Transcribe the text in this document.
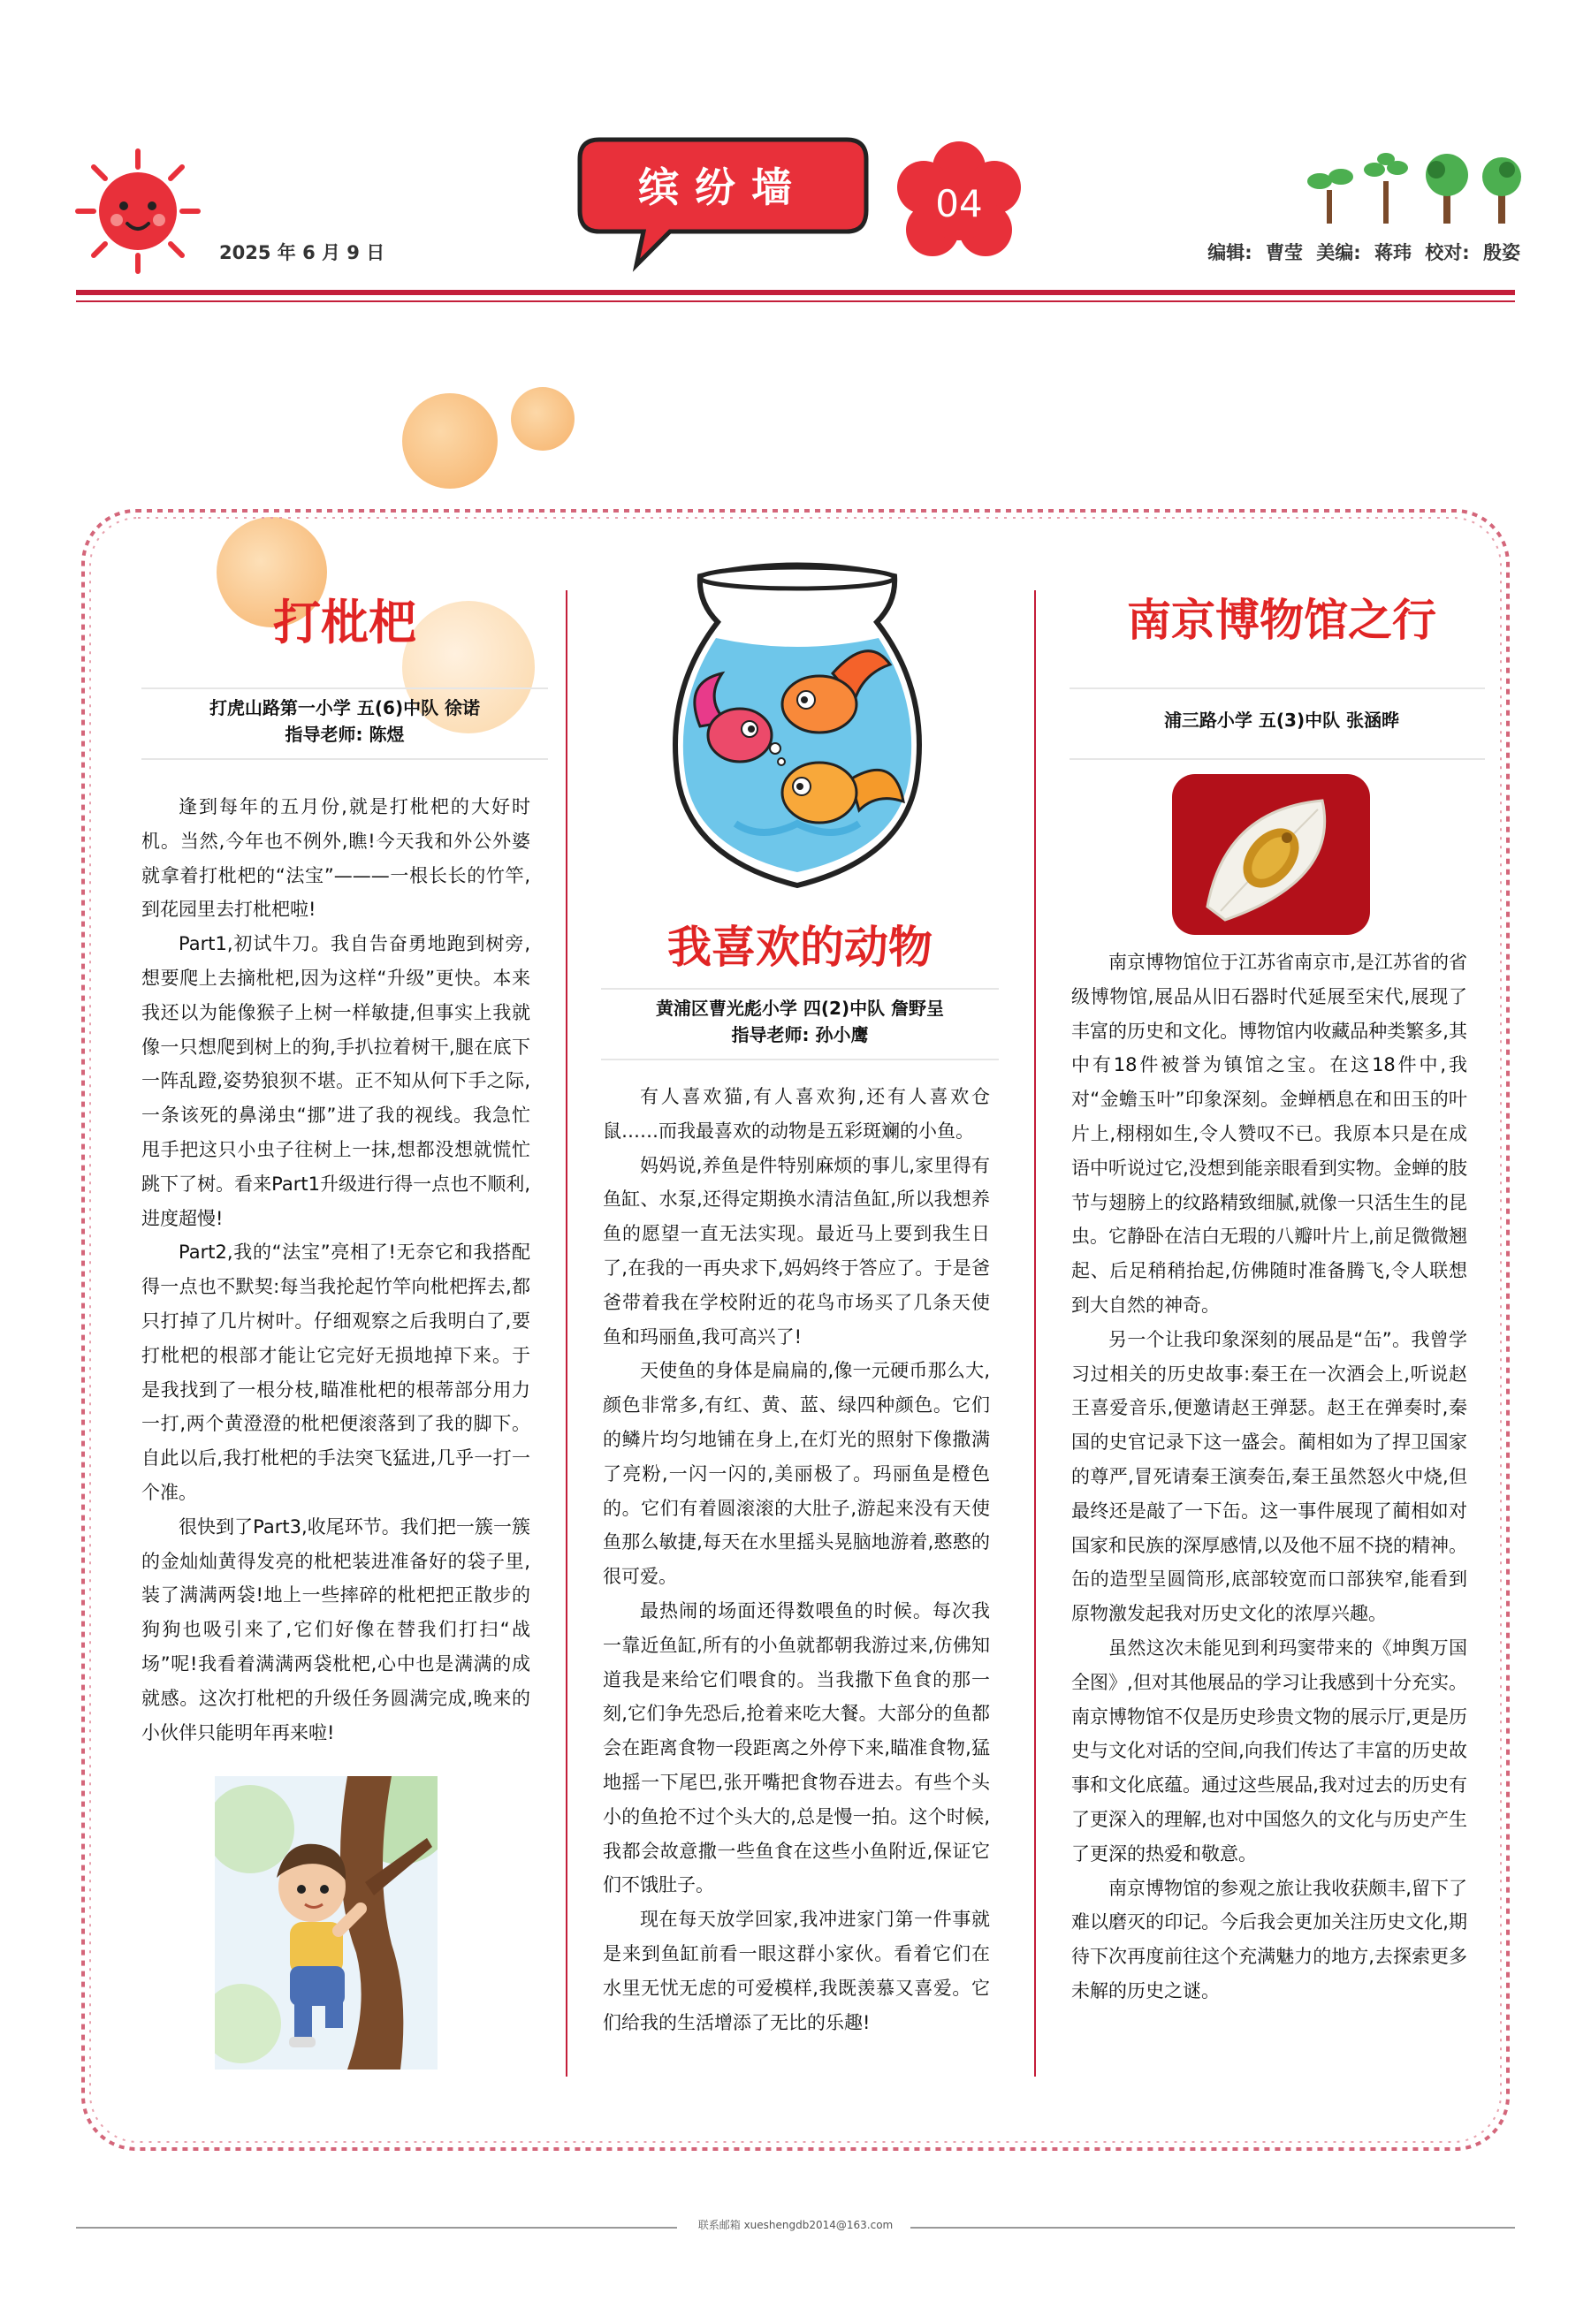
2025 年 6 月 9 日
缤纷墙	04
编辑: 曹莹 美编: 蒋玮 校对: 殷姿
打枇杷
打虎山路第一小学 五(6)中队 徐诺
指导老师: 陈煜

逢到每年的五月份,就是打枇杷的大好时机。当然,今年也不例外,瞧!今天我和外公外婆就拿着打枇杷的“法宝”———一根长长的竹竿,到花园里去打枇杷啦!

Part1,初试牛刀。我自告奋勇地跑到树旁,想要爬上去摘枇杷,因为这样“升级”更快。本来我还以为能像猴子上树一样敏捷,但事实上我就像一只想爬到树上的狗,手扒拉着树干,腿在底下一阵乱蹬,姿势狼狈不堪。正不知从何下手之际,一条该死的鼻涕虫“挪”进了我的视线。我急忙甩手把这只小虫子往树上一抹,想都没想就慌忙跳下了树。看来Part1升级进行得一点也不顺利,进度超慢!

Part2,我的“法宝”亮相了!无奈它和我搭配得一点也不默契:每当我抡起竹竿向枇杷挥去,都只打掉了几片树叶。仔细观察之后我明白了,要打枇杷的根部才能让它完好无损地掉下来。于是我找到了一根分枝,瞄准枇杷的根蒂部分用力一打,两个黄澄澄的枇杷便滚落到了我的脚下。自此以后,我打枇杷的手法突飞猛进,几乎一打一个准。

很快到了Part3,收尾环节。我们把一簇一簇的金灿灿黄得发亮的枇杷装进准备好的袋子里,装了满满两袋!地上一些摔碎的枇杷把正散步的狗狗也吸引来了,它们好像在替我们打扫“战场”呢!我看着满满两袋枇杷,心中也是满满的成就感。这次打枇杷的升级任务圆满完成,晚来的小伙伴只能明年再来啦!

我喜欢的动物
黄浦区曹光彪小学 四(2)中队 詹野呈
指导老师: 孙小鹰

有人喜欢猫,有人喜欢狗,还有人喜欢仓鼠……而我最喜欢的动物是五彩斑斓的小鱼。

妈妈说,养鱼是件特别麻烦的事儿,家里得有鱼缸、水泵,还得定期换水清洁鱼缸,所以我想养鱼的愿望一直无法实现。最近马上要到我生日了,在我的一再央求下,妈妈终于答应了。于是爸爸带着我在学校附近的花鸟市场买了几条天使鱼和玛丽鱼,我可高兴了!

天使鱼的身体是扁扁的,像一元硬币那么大,颜色非常多,有红、黄、蓝、绿四种颜色。它们的鳞片均匀地铺在身上,在灯光的照射下像撒满了亮粉,一闪一闪的,美丽极了。玛丽鱼是橙色的。它们有着圆滚滚的大肚子,游起来没有天使鱼那么敏捷,每天在水里摇头晃脑地游着,憨憨的很可爱。

最热闹的场面还得数喂鱼的时候。每次我一靠近鱼缸,所有的小鱼就都朝我游过来,仿佛知道我是来给它们喂食的。当我撒下鱼食的那一刻,它们争先恐后,抢着来吃大餐。大部分的鱼都会在距离食物一段距离之外停下来,瞄准食物,猛地摇一下尾巴,张开嘴把食物吞进去。有些个头小的鱼抢不过个头大的,总是慢一拍。这个时候,我都会故意撒一些鱼食在这些小鱼附近,保证它们不饿肚子。

现在每天放学回家,我冲进家门第一件事就是来到鱼缸前看一眼这群小家伙。看着它们在水里无忧无虑的可爱模样,我既羡慕又喜爱。它们给我的生活增添了无比的乐趣!

南京博物馆之行
浦三路小学 五(3)中队 张涵晔

南京博物馆位于江苏省南京市,是江苏省的省级博物馆,展品从旧石器时代延展至宋代,展现了丰富的历史和文化。博物馆内收藏品种类繁多,其中有18件被誉为镇馆之宝。在这18件中,我对“金蟾玉叶”印象深刻。金蝉栖息在和田玉的叶片上,栩栩如生,令人赞叹不已。我原本只是在成语中听说过它,没想到能亲眼看到实物。金蝉的肢节与翅膀上的纹路精致细腻,就像一只活生生的昆虫。它静卧在洁白无瑕的八瓣叶片上,前足微微翘起、后足稍稍抬起,仿佛随时准备腾飞,令人联想到大自然的神奇。

另一个让我印象深刻的展品是“缶”。我曾学习过相关的历史故事:秦王在一次酒会上,听说赵王喜爱音乐,便邀请赵王弹瑟。赵王在弹奏时,秦国的史官记录下这一盛会。蔺相如为了捍卫国家的尊严,冒死请秦王演奏缶,秦王虽然怒火中烧,但最终还是敲了一下缶。这一事件展现了蔺相如对国家和民族的深厚感情,以及他不屈不挠的精神。缶的造型呈圆筒形,底部较宽而口部狭窄,能看到原物激发起我对历史文化的浓厚兴趣。

虽然这次未能见到利玛窦带来的《坤舆万国全图》,但对其他展品的学习让我感到十分充实。南京博物馆不仅是历史珍贵文物的展示厅,更是历史与文化对话的空间,向我们传达了丰富的历史故事和文化底蕴。通过这些展品,我对过去的历史有了更深入的理解,也对中国悠久的文化与历史产生了更深的热爱和敬意。

南京博物馆的参观之旅让我收获颇丰,留下了难以磨灭的印记。今后我会更加关注历史文化,期待下次再度前往这个充满魅力的地方,去探索更多未解的历史之谜。

联系邮箱 xueshengdb2014@163.com
